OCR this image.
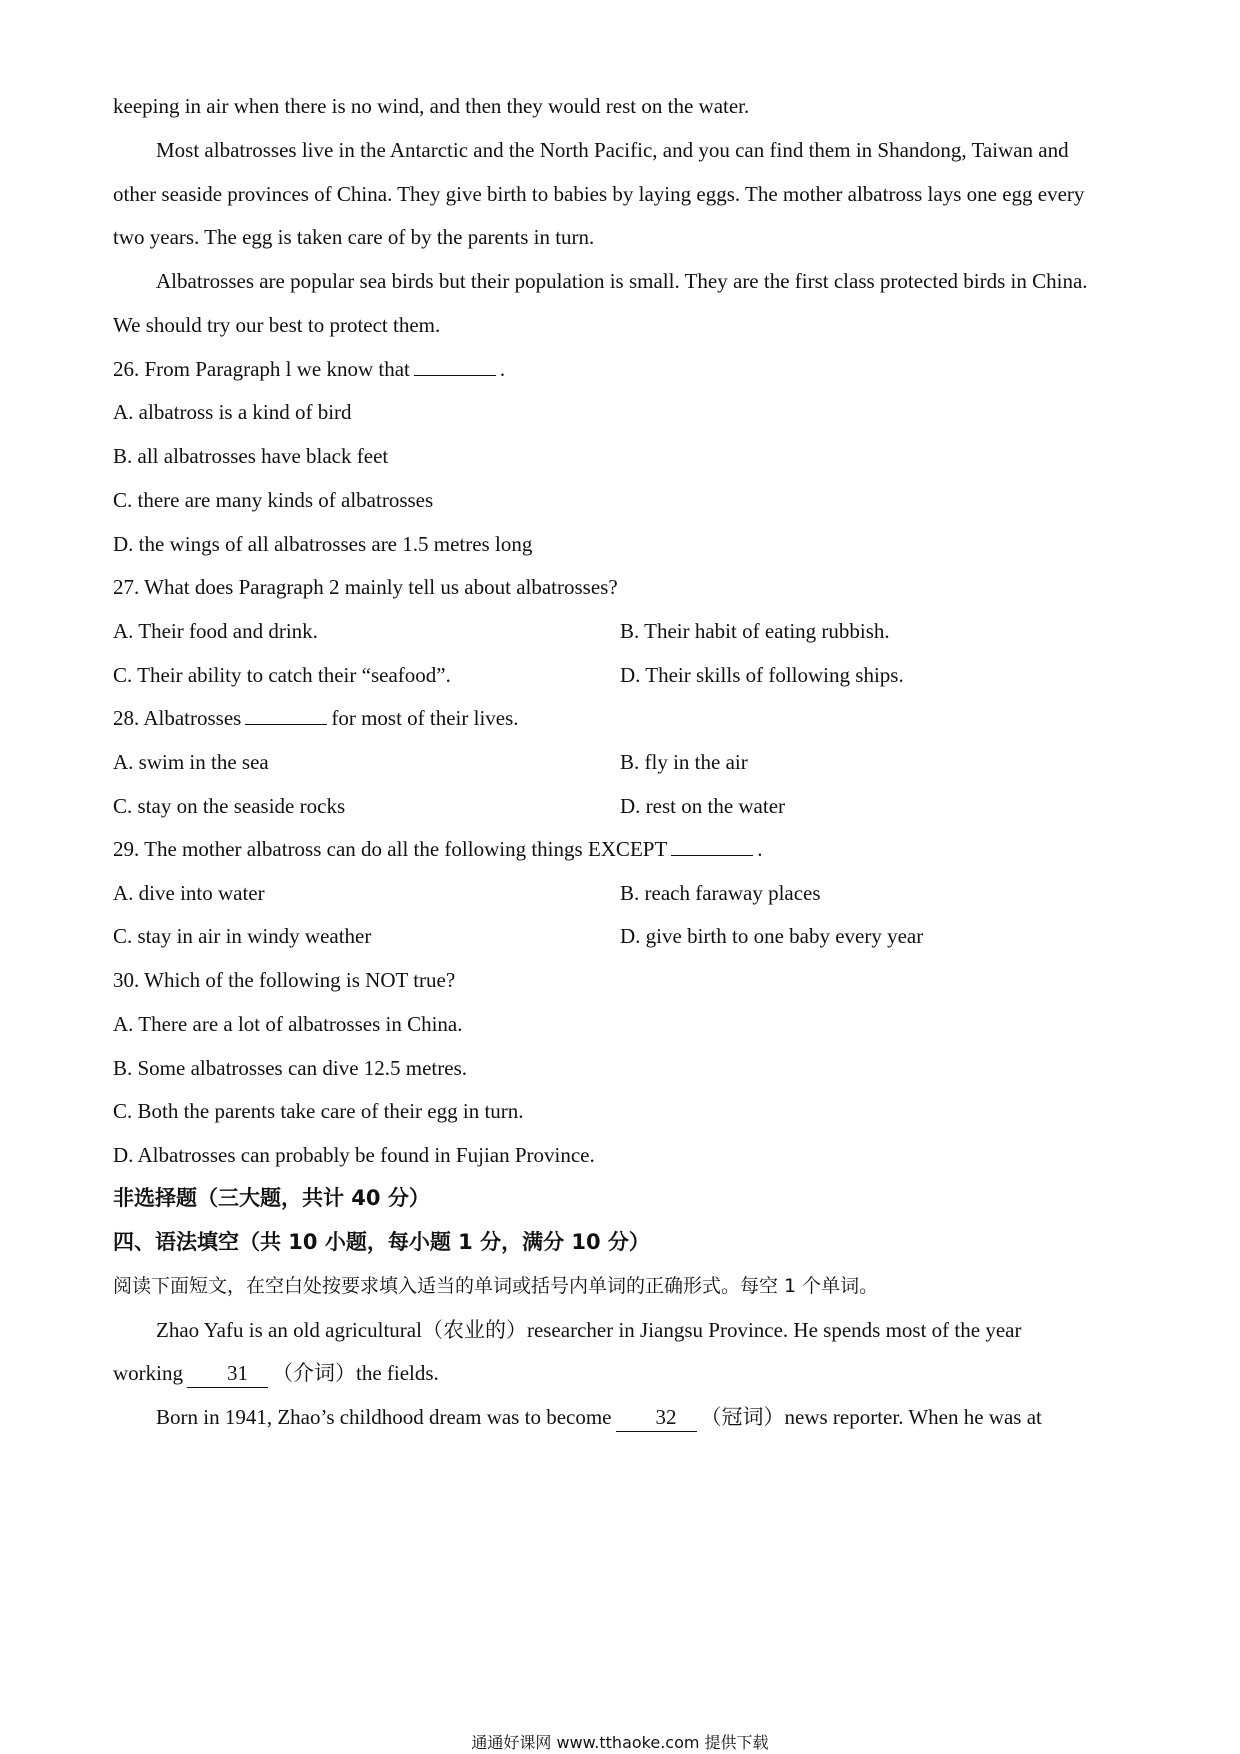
keeping in air when there is no wind, and then they would rest on the water.
Most albatrosses live in the Antarctic and the North Pacific, and you can find them in Shandong, Taiwan and
other seaside provinces of China. They give birth to babies by laying eggs. The mother albatross lays one egg every
two years. The egg is taken care of by the parents in turn.
Albatrosses are popular sea birds but their population is small. They are the first class protected birds in China.
We should try our best to protect them.
26. From Paragraph l we know that	.
A. albatross is a kind of bird
B. all albatrosses have black feet
C. there are many kinds of albatrosses
D. the wings of all albatrosses are 1.5 metres long
27. What does Paragraph 2 mainly tell us about albatrosses?
A. Their food and drink.	B. Their habit of eating rubbish.
C. Their ability to catch their “seafood”.	D. Their skills of following ships.
28. Albatrosses	for most of their lives.
A. swim in the sea	B. fly in the air
C. stay on the seaside rocks	D. rest on the water
29. The mother albatross can do all the following things EXCEPT	.
A. dive into water	B. reach faraway places
C. stay in air in windy weather	D. give birth to one baby every year
30. Which of the following is NOT true?
A. There are a lot of albatrosses in China.
B. Some albatrosses can dive 12.5 metres.
C. Both the parents take care of their egg in turn.
D. Albatrosses can probably be found in Fujian Province.
非选择题（三大题，共计 40 分）
四、语法填空（共 10 小题，每小题 1 分，满分 10 分）
阅读下面短文，在空白处按要求填入适当的单词或括号内单词的正确形式。每空 1 个单词。
Zhao Yafu is an old agricultural（农业的）researcher in Jiangsu Province. He spends most of the year
working 31 （介词）the fields.
Born in 1941, Zhao’s childhood dream was to become 32 （冠词）news reporter. When he was at
通通好课网 www.tthaoke.com 提供下载
